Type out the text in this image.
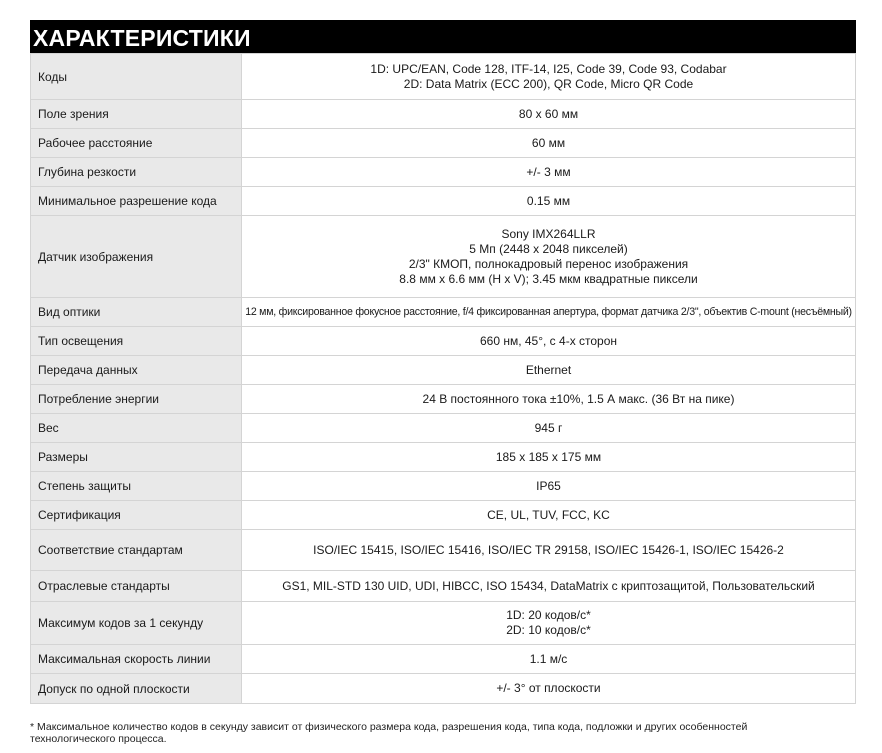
ХАРАКТЕРИСТИКИ
Коды	1D: UPC/EAN, Code 128, ITF-14, I25, Code 39, Code 93, Codabar
2D: Data Matrix (ECC 200), QR Code, Micro QR Code

Поле зрения	80 x 60 мм

Рабочее расстояние	60 мм

Глубина резкости	+/- 3 мм

Минимальное разрешение кода	0.15 мм

Датчик изображения	Sony IMX264LLR
5 Мп (2448 x 2048 пикселей)
2/3" КМОП, полнокадровый перенос изображения
8.8 мм x 6.6 мм (H x V); 3.45 мкм квадратные пиксели

Вид оптики	12 мм, фиксированное фокусное расстояние, f/4 фиксированная апертура, формат датчика 2/3", объектив C-mount (несъёмный)

Тип освещения	660 нм, 45°, с 4-х сторон

Передача данных	Ethernet

Потребление энергии	24 В постоянного тока ±10%, 1.5 А макс. (36 Вт на пике)

Вес	945 г

Размеры	185 x 185 x 175 мм

Степень защиты	IP65

Сертификация	CE, UL, TUV, FCC, KC

Соответствие стандартам	ISO/IEC 15415, ISO/IEC 15416, ISO/IEC TR 29158, ISO/IEC 15426-1, ISO/IEC 15426-2

Отраслевые стандарты	GS1, MIL-STD 130 UID, UDI, HIBCC, ISO 15434, DataMatrix с криптозащитой, Пользовательский

Максимум кодов за 1 секунду	1D: 20 кодов/с*
2D: 10 кодов/с*

Максимальная скорость линии	1.1 м/с

Допуск по одной плоскости	+/- 3° от плоскости
* Максимальное количество кодов в секунду зависит от физического размера кода, разрешения кода, типа кода, подложки и других особенностей
технологического процесса.
